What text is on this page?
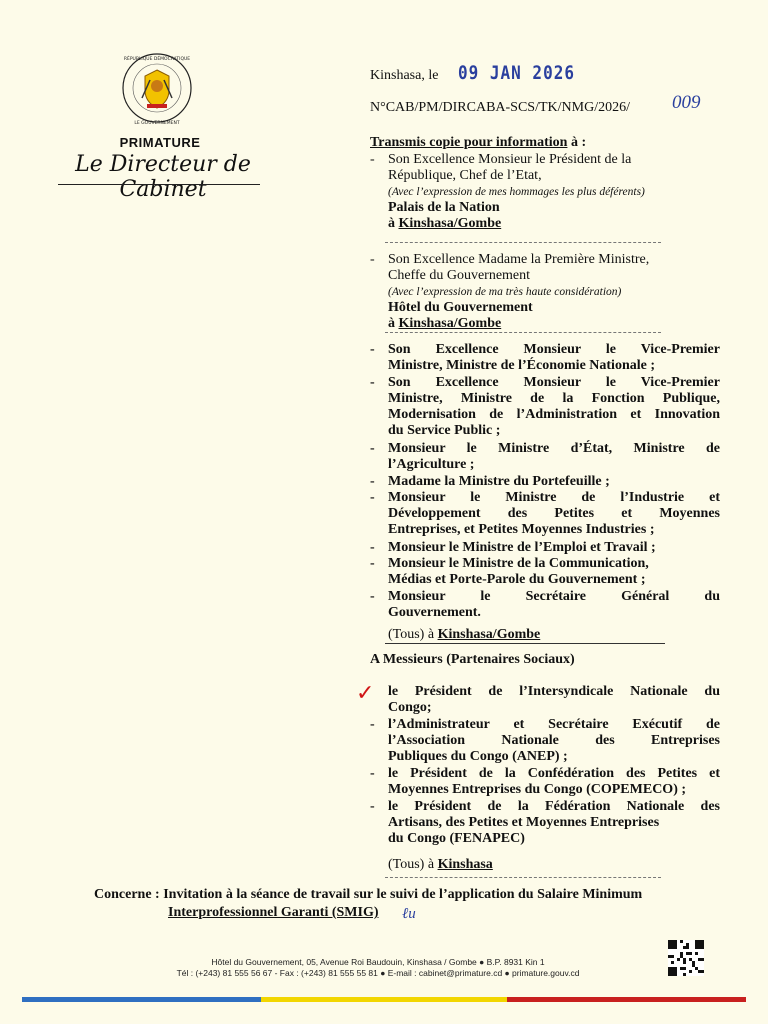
RÉPUBLIQUE DÉMOCRATIQUE
LE GOUVERNEMENT
PRIMATURE
Le Directeur de Cabinet
Kinshasa, le 09 JAN 2026
N°CAB/PM/DIRCABA-SCS/TK/NMG/2026/ 009
Transmis copie pour information à :
- Son Excellence Monsieur le Président de la
République, Chef de l’Etat,
(Avec l’expression de mes hommages les plus déférents)
Palais de la Nation
à Kinshasa/Gombe
- Son Excellence Madame la Première Ministre,
Cheffe du Gouvernement
(Avec l’expression de ma très haute considération)
Hôtel du Gouvernement
à Kinshasa/Gombe
- Son Excellence Monsieur le Vice-Premier
Ministre, Ministre de l’Économie Nationale ;
- Son Excellence Monsieur le Vice-Premier
Ministre, Ministre de la Fonction Publique,
Modernisation de l’Administration et Innovation
du Service Public ;
- Monsieur le Ministre d’État, Ministre de
l’Agriculture ;
- Madame la Ministre du Portefeuille ;
- Monsieur le Ministre de l’Industrie et
Développement des Petites et Moyennes
Entreprises, et Petites Moyennes Industries ;
- Monsieur le Ministre de l’Emploi et Travail ;
- Monsieur le Ministre de la Communication,
Médias et Porte-Parole du Gouvernement ;
- Monsieur le Secrétaire Général du
Gouvernement.
(Tous) à Kinshasa/Gombe
A Messieurs (Partenaires Sociaux)
✓ le Président de l’Intersyndicale Nationale du
Congo;
- l’Administrateur et Secrétaire Exécutif de
l’Association Nationale des Entreprises
Publiques du Congo (ANEP) ;
- le Président de la Confédération des Petites et
Moyennes Entreprises du Congo (COPEMECO) ;
- le Président de la Fédération Nationale des
Artisans, des Petites et Moyennes Entreprises
du Congo (FENAPEC)
(Tous) à Kinshasa
Concerne : Invitation à la séance de travail sur le suivi de l’application du Salaire Minimum
Interprofessionnel Garanti (SMIG) ℓu
Hôtel du Gouvernement, 05, Avenue Roi Baudouin, Kinshasa / Gombe ● B.P. 8931 Kin 1
Tél : (+243) 81 555 56 67 - Fax : (+243) 81 555 55 81 ● E-mail : cabinet@primature.cd ● primature.gouv.cd
